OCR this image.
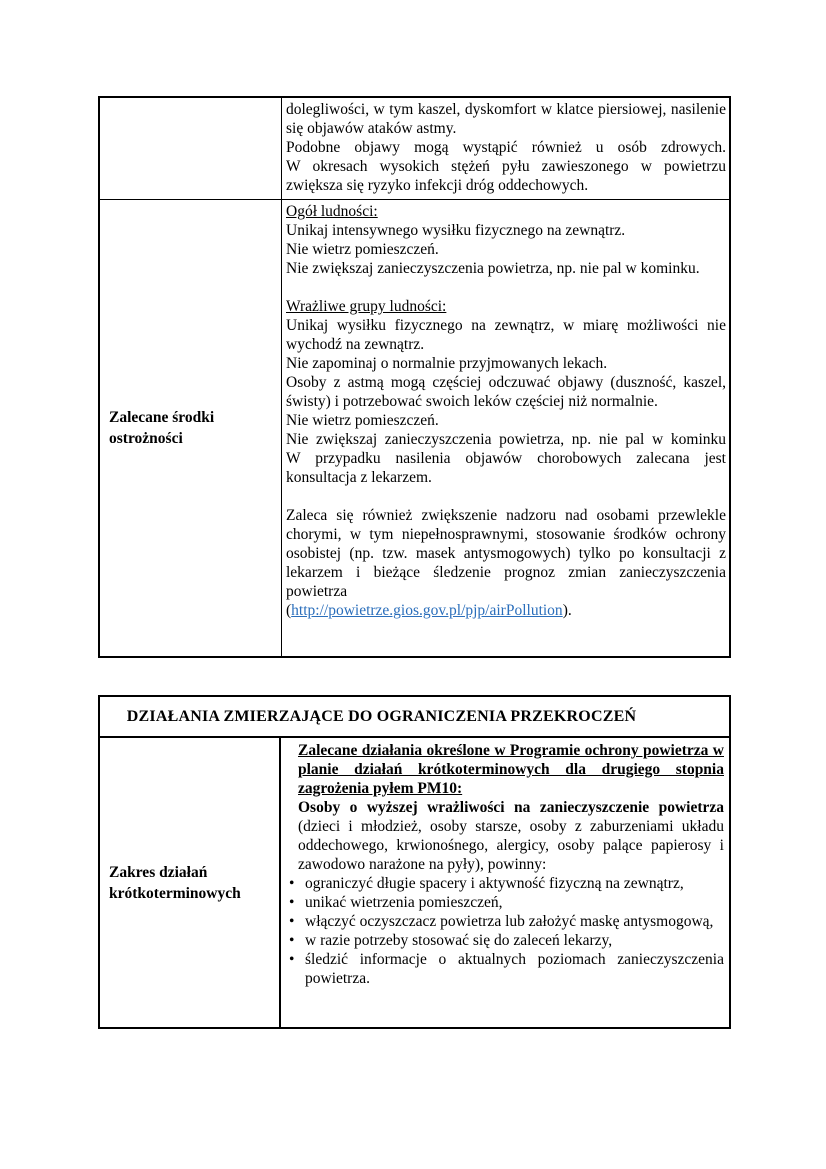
dolegliwości, w tym kaszel, dyskomfort w klatce piersiowej, nasilenie się objawów ataków astmy.
Podobne objawy mogą wystąpić również u osób zdrowych.
W okresach wysokich stężeń pyłu zawieszonego w powietrzu zwiększa się ryzyko infekcji dróg oddechowych.
Zalecane środki ostrożności
Ogół ludności:
Unikaj intensywnego wysiłku fizycznego na zewnątrz.
Nie wietrz pomieszczeń.
Nie zwiększaj zanieczyszczenia powietrza, np. nie pal w kominku.
Wrażliwe grupy ludności:
Unikaj wysiłku fizycznego na zewnątrz, w miarę możliwości nie wychodź na zewnątrz.
Nie zapominaj o normalnie przyjmowanych lekach.
Osoby z astmą mogą częściej odczuwać objawy (duszność, kaszel, świsty) i potrzebować swoich leków częściej niż normalnie.
Nie wietrz pomieszczeń.
Nie zwiększaj zanieczyszczenia powietrza, np. nie pal w kominku
W przypadku nasilenia objawów chorobowych zalecana jest konsultacja z lekarzem.
Zaleca się również zwiększenie nadzoru nad osobami przewlekle chorymi, w tym niepełnosprawnymi, stosowanie środków ochrony osobistej (np. tzw. masek antysmogowych) tylko po konsultacji z lekarzem i bieżące śledzenie prognoz zmian zanieczyszczenia powietrza
(http://powietrze.gios.gov.pl/pjp/airPollution).
DZIAŁANIA ZMIERZAJĄCE DO OGRANICZENIA PRZEKROCZEŃ
Zakres działań krótkoterminowych
Zalecane działania określone w Programie ochrony powietrza w planie działań krótkoterminowych dla drugiego stopnia zagrożenia pyłem PM10:
Osoby o wyższej wrażliwości na zanieczyszczenie powietrza (dzieci i młodzież, osoby starsze, osoby z zaburzeniami układu oddechowego, krwionośnego, alergicy, osoby palące papierosy i zawodowo narażone na pyły), powinny:
• ograniczyć długie spacery i aktywność fizyczną na zewnątrz,
• unikać wietrzenia pomieszczeń,
• włączyć oczyszczacz powietrza lub założyć maskę antysmogową,
• w razie potrzeby stosować się do zaleceń lekarzy,
• śledzić informacje o aktualnych poziomach zanieczyszczenia powietrza.
